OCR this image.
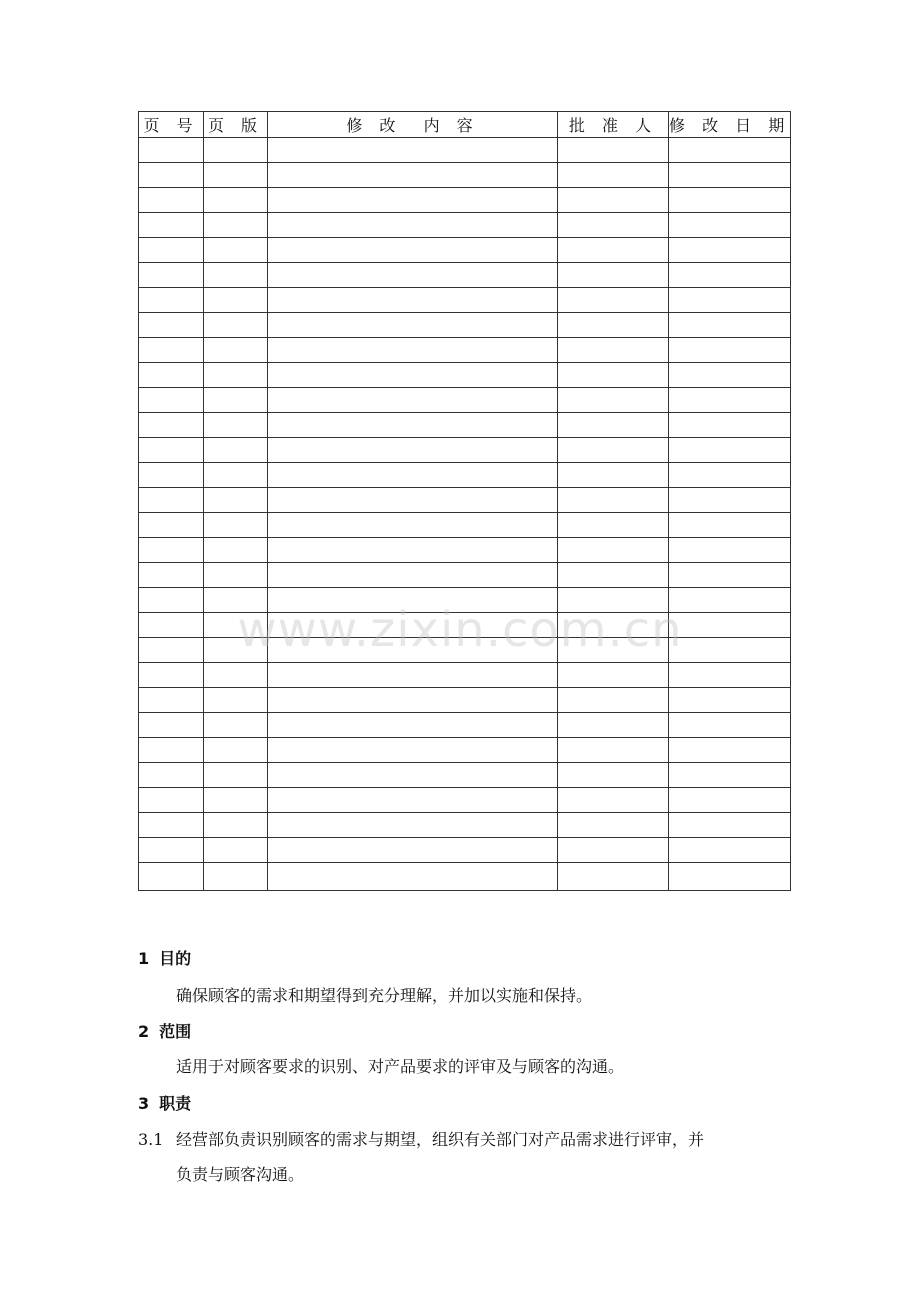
页 号	页 版	修 改  内 容	批 准 人	修 改 日 期

www.zixin.com.cn
1 目的
确保顾客的需求和期望得到充分理解，并加以实施和保持。
2 范围
适用于对顾客要求的识别、对产品要求的评审及与顾客的沟通。
3 职责
3.1 经营部负责识别顾客的需求与期望，组织有关部门对产品需求进行评审，并
负责与顾客沟通。
